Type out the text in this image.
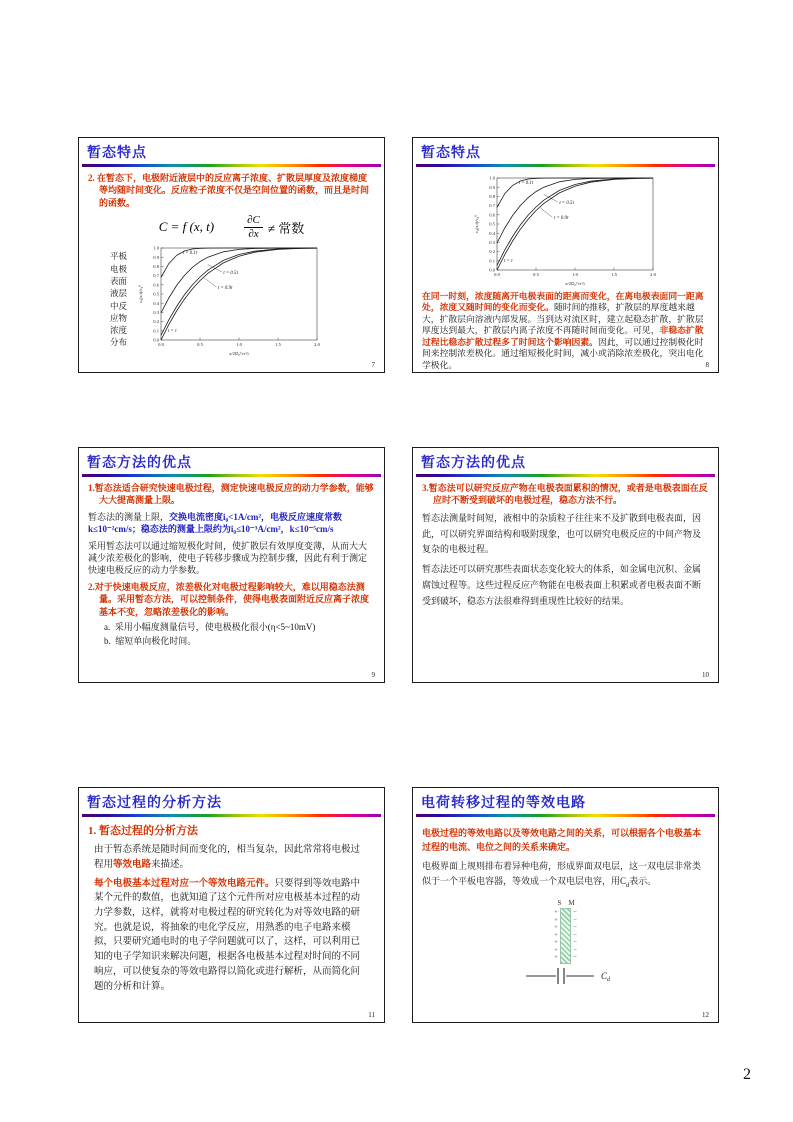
暂态特点
2. 在暂态下，电极附近液层中的反应离子浓度、扩散层厚度及浓度梯度等均随时间变化。反应粒子浓度不仅是空间位置的函数，而且是时间的函数。
C = f (x, t)	$\frac{\partial C}{\partial x}$ ≠ 常数
平板
电极
表面
液层
中反
应物
浓度
分布	0.0
0.1
0.2
0.3
0.4
0.5
0.6
0.7
0.8
0.9
1.0
0.0	0.5	1.0	1.5	2.0
t = 0.1τ
t = 0.5τ
t = 0.9τ
t = τ
c₀(x,t)/c₀⁰
x/2D₀½τ½
7
暂态特点
0.0
0.1
0.2
0.3
0.4
0.5
0.6
0.7
0.8
0.9
1.0
0.0	0.5	1.0	1.5	2.0
t = 0.1τ
t = 0.5τ
t = 0.9τ
t = τ
c₀(x,t)/c₀⁰
x/2D₀½τ½
在同一时刻，浓度随离开电极表面的距离而变化，在离电极表面同一距离处，浓度又随时间的变化而变化。随时间的推移，扩散层的厚度越来越大，扩散层向溶液内部发展。当到达对流区时，建立起稳态扩散，扩散层厚度达到最大，扩散层内离子浓度不再随时间而变化。可见，非稳态扩散过程比稳态扩散过程多了时间这个影响因素。因此，可以通过控制极化时间来控制浓差极化。通过缩短极化时间，减小或消除浓差极化，突出电化学极化。	8
暂态方法的优点
1.暂态法适合研究快速电极过程，测定快速电极反应的动力学参数，能够大大提高测量上限。
暂态法的测量上限，交换电流密度i₀<1A/cm²，电极反应速度常数k≤10⁻²cm/s；稳态法的测量上限约为i₀≤10⁻³A/cm²，k≤10⁻⁵cm/s
采用暂态法可以通过缩短极化时间，使扩散层有效厚度变薄，从而大大减少浓差极化的影响，使电子转移步骤成为控制步骤，因此有利于测定快速电极反应的动力学参数。
2.对于快速电极反应，浓差极化对电极过程影响较大，难以用稳态法测量。采用暂态方法，可以控制条件，使得电极表面附近反应离子浓度基本不变，忽略浓差极化的影响。
a. 采用小幅度测量信号，使电极极化很小(η<5~10mV)
b. 缩短单向极化时间。
9
暂态方法的优点
3.暂态法可以研究反应产物在电极表面累积的情况，或者是电极表面在反应时不断受到破坏的电极过程，稳态方法不行。
暂态法测量时间短，液相中的杂质粒子往往来不及扩散到电极表面，因此，可以研究界面结构和吸附现象，也可以研究电极反应的中间产物及复杂的电极过程。
暂态法还可以研究那些表面状态变化较大的体系，如金属电沉积、金属腐蚀过程等。这些过程反应产物能在电极表面上积累或者电极表面不断受到破坏，稳态方法很难得到重现性比较好的结果。
10
暂态过程的分析方法
1. 暂态过程的分析方法
由于暂态系统是随时间而变化的，相当复杂，因此常常将电极过程用等效电路来描述。
每个电极基本过程对应一个等效电路元件。只要得到等效电路中某个元件的数值，也就知道了这个元件所对应电极基本过程的动力学参数，这样，就将对电极过程的研究转化为对等效电路的研究。也就是说，将抽象的电化学反应，用熟悉的电子电路来模拟，只要研究通电时的电子学问题就可以了，这样，可以利用已知的电子学知识来解决问题，根据各电极基本过程对时间的不同响应，可以使复杂的等效电路得以简化或进行解析，从而简化问题的分析和计算。
11
电荷转移过程的等效电路
电极过程的等效电路以及等效电路之间的关系，可以根据各个电极基本过程的电流、电位之间的关系来确定。
电极界面上规则排布着异种电荷，形成界面双电层，这一双电层非常类似于一个平板电容器，等效成一个双电层电容，用$C_d$表示。
S M
+
+
+
+
+
+
+
−
−
−
−
−
−
−
$C_d$
12
2
